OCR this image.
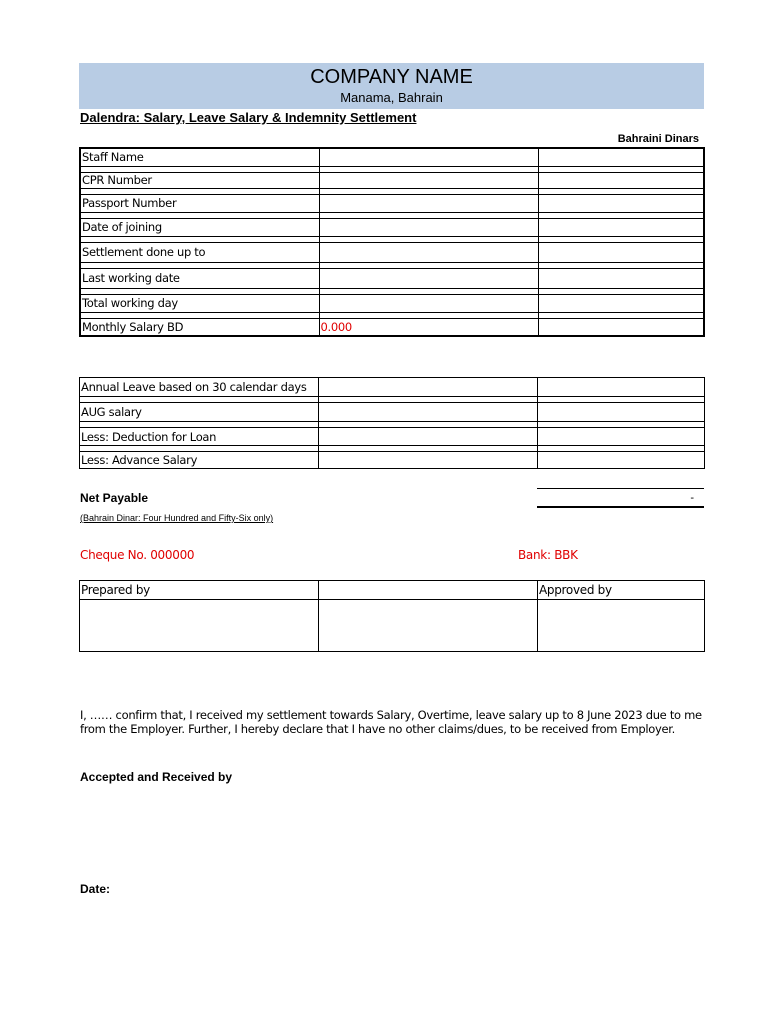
COMPANY NAME
Manama, Bahrain
Dalendra: Salary, Leave Salary & Indemnity Settlement
Bahraini Dinars
Staff Name		

CPR Number		

Passport Number		

Date of joining		

Settlement done up to		

Last working date		

Total working day		

Monthly Salary BD	0.000	
Annual Leave based on 30 calendar days		

AUG salary		

Less: Deduction for Loan		

Less: Advance Salary		
Net Payable	-
(Bahrain Dinar: Four Hundred and Fifty-Six only)
Cheque No. 000000	Bank: BBK
Prepared by		Approved by

I, …… confirm that, I received my settlement towards Salary, Overtime, leave salary up to 8 June 2023 due to me from the Employer. Further, I hereby declare that I have no other claims/dues, to be received from Employer.
Accepted and Received by
Date:
